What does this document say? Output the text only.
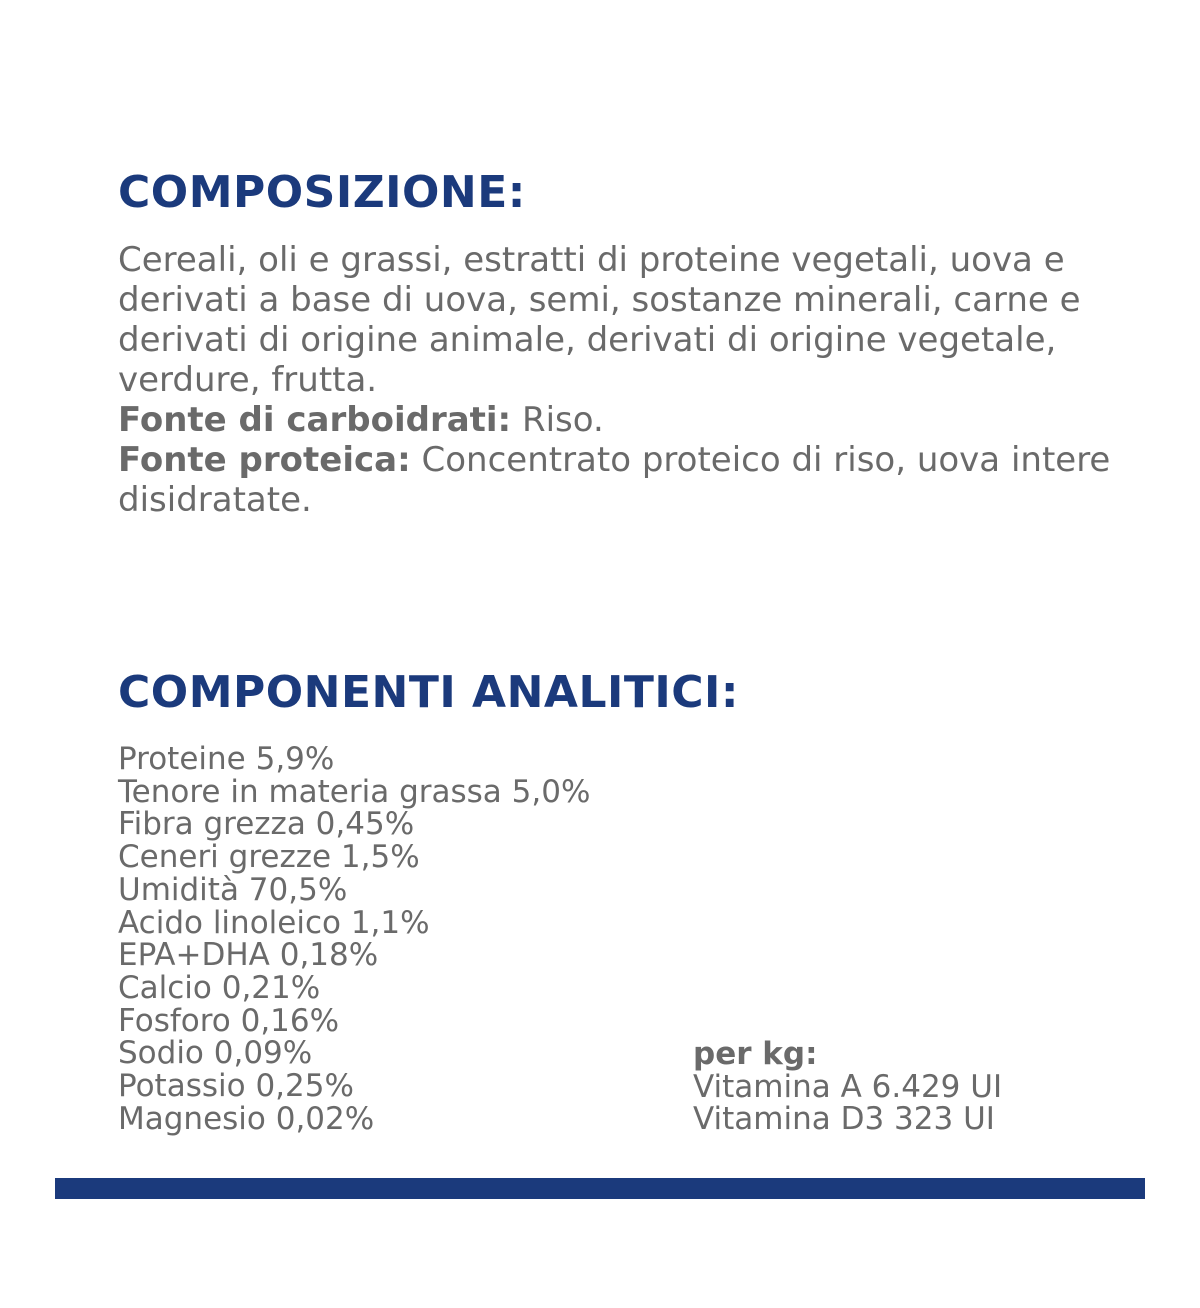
COMPOSIZIONE:

Cereali, oli e grassi, estratti di proteine vegetali, uova e derivati a base di uova, semi, sostanze minerali, carne e derivati di origine animale, derivati di origine vegetale, verdure, frutta.

Fonte di carboidrati: Riso.

Fonte proteica: Concentrato proteico di riso, uova intere disidratate.

COMPONENTI ANALITICI:
Proteine 5,9%
Tenore in materia grassa 5,0%
Fibra grezza 0,45%
Ceneri grezze 1,5%
Umidità 70,5%
Acido linoleico 1,1%
EPA+DHA 0,18%
Calcio 0,21%
Fosforo 0,16%
Sodio 0,09%
Potassio 0,25%
Magnesio 0,02%
per kg:
Vitamina A 6.429 UI
Vitamina D3 323 UI
